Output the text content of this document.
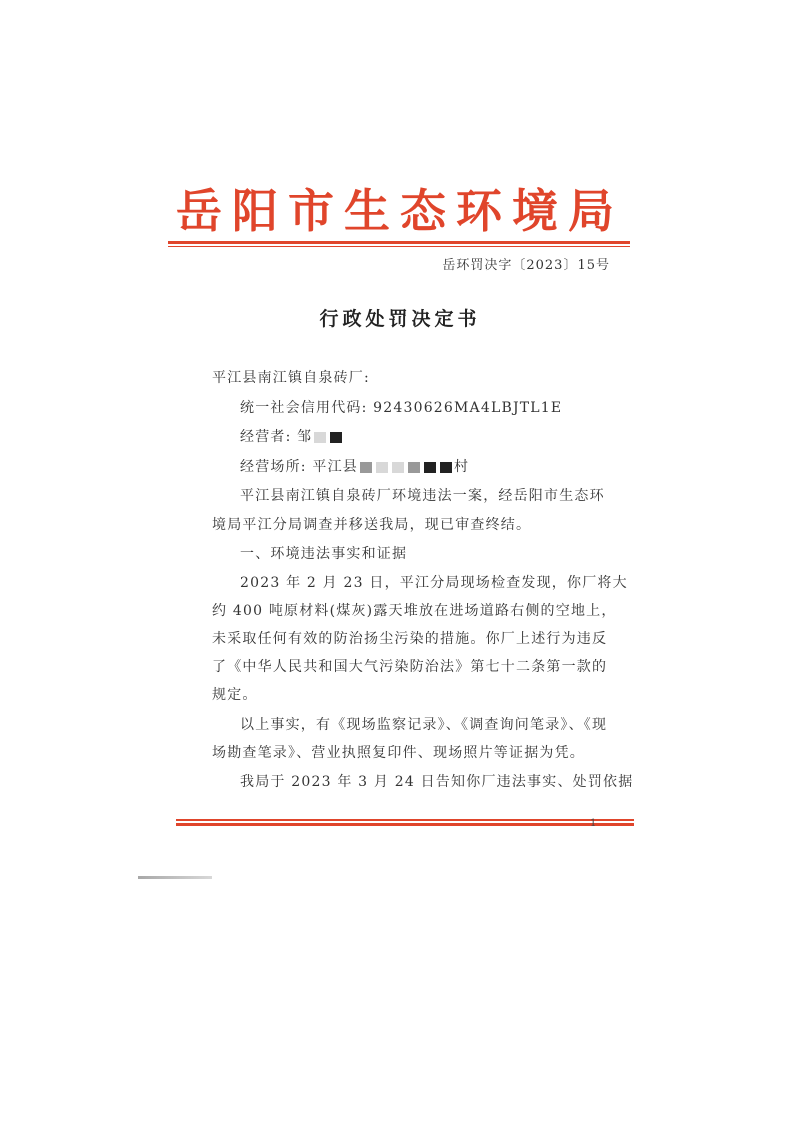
岳阳市生态环境局
岳环罚决字〔2023〕15号
行政处罚决定书
平江县南江镇自泉砖厂:
统一社会信用代码: 92430626MA4LBJTL1E
经营者: 邹
经营场所: 平江县	村
平江县南江镇自泉砖厂环境违法一案，经岳阳市生态环
境局平江分局调查并移送我局，现已审查终结。
一、环境违法事实和证据
2023 年 2 月 23 日，平江分局现场检查发现，你厂将大
约 400 吨原材料(煤灰)露天堆放在进场道路右侧的空地上，
未采取任何有效的防治扬尘污染的措施。你厂上述行为违反
了《中华人民共和国大气污染防治法》第七十二条第一款的
规定。
以上事实，有《现场监察记录》、《调查询问笔录》、《现
场勘查笔录》、营业执照复印件、现场照片等证据为凭。
我局于 2023 年 3 月 24 日告知你厂违法事实、处罚依据
1
